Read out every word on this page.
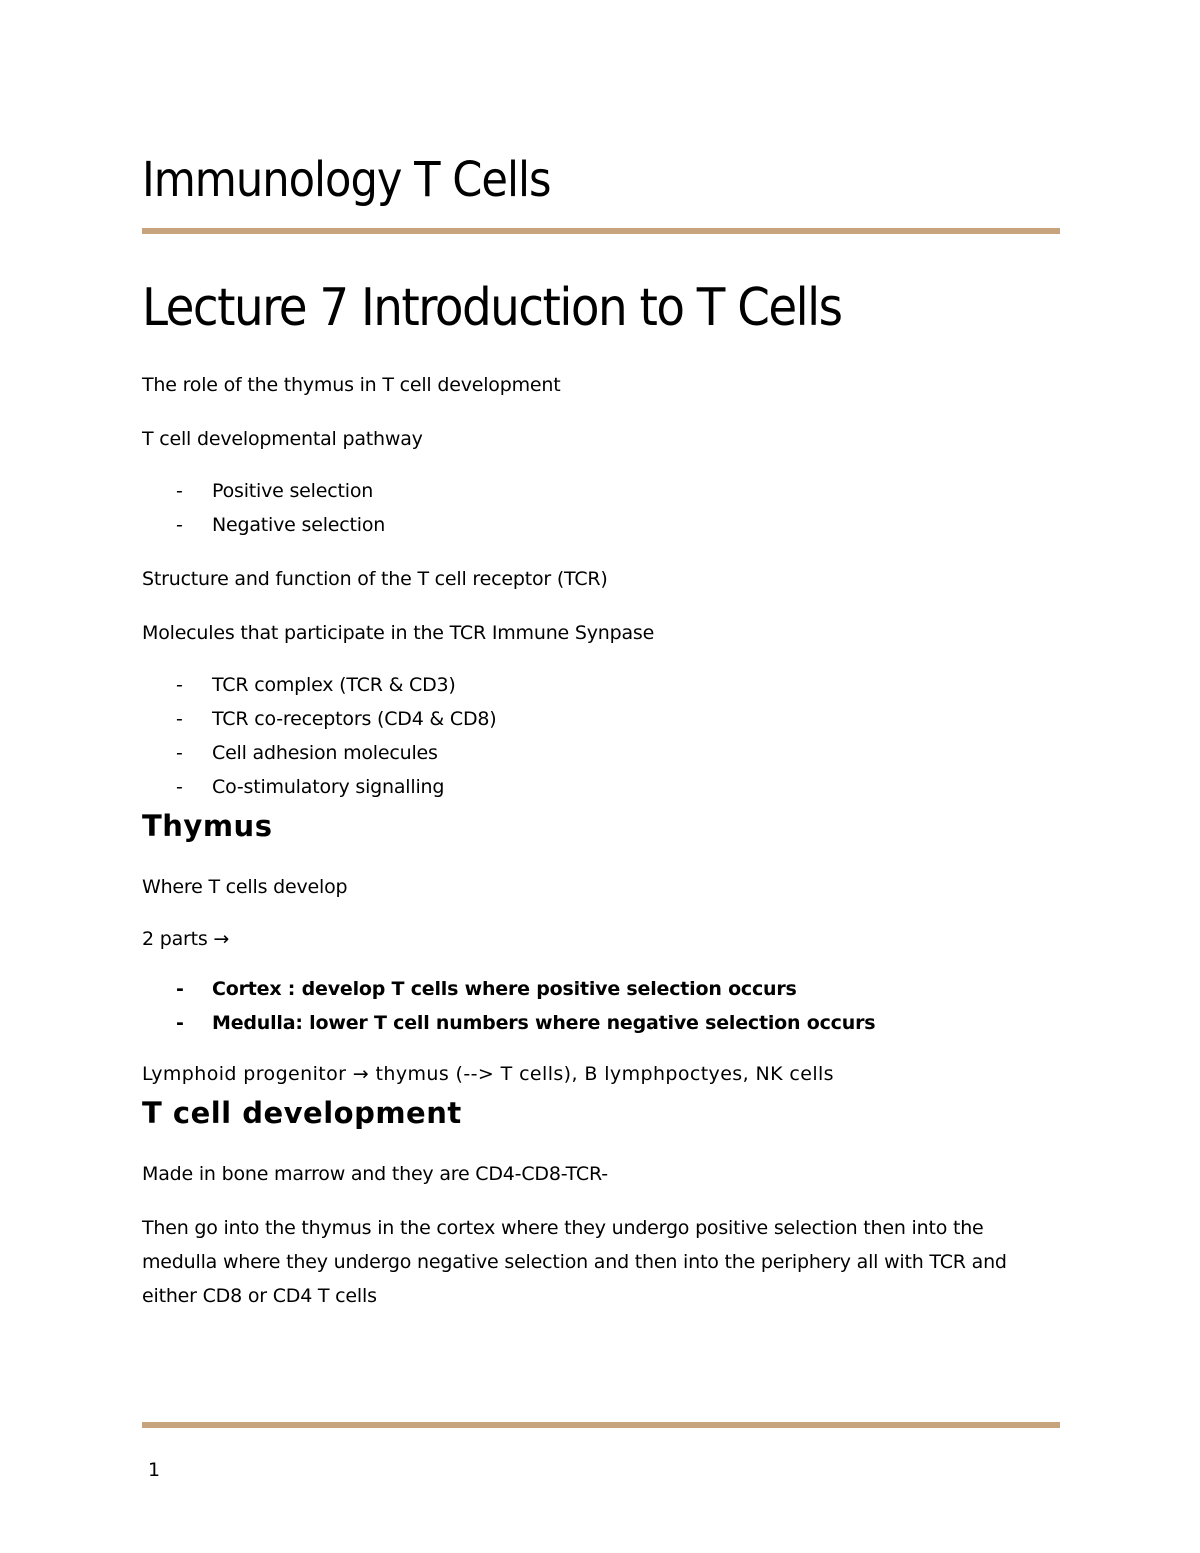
Immunology T Cells
Lecture 7 Introduction to T Cells

The role of the thymus in T cell development

T cell developmental pathway

- Positive selection
- Negative selection

Structure and function of the T cell receptor (TCR)

Molecules that participate in the TCR Immune Synpase

- TCR complex (TCR & CD3)
- TCR co-receptors (CD4 & CD8)
- Cell adhesion molecules
- Co-stimulatory signalling
Thymus

Where T cells develop

2 parts →

- Cortex : develop T cells where positive selection occurs
- Medulla: lower T cell numbers where negative selection occurs

Lymphoid progenitor → thymus (--> T cells), B lymphpoctyes, NK cells

T cell development

Made in bone marrow and they are CD4-CD8-TCR-

Then go into the thymus in the cortex where they undergo positive selection then into the medulla where they undergo negative selection and then into the periphery all with TCR and either CD8 or CD4 T cells

1
